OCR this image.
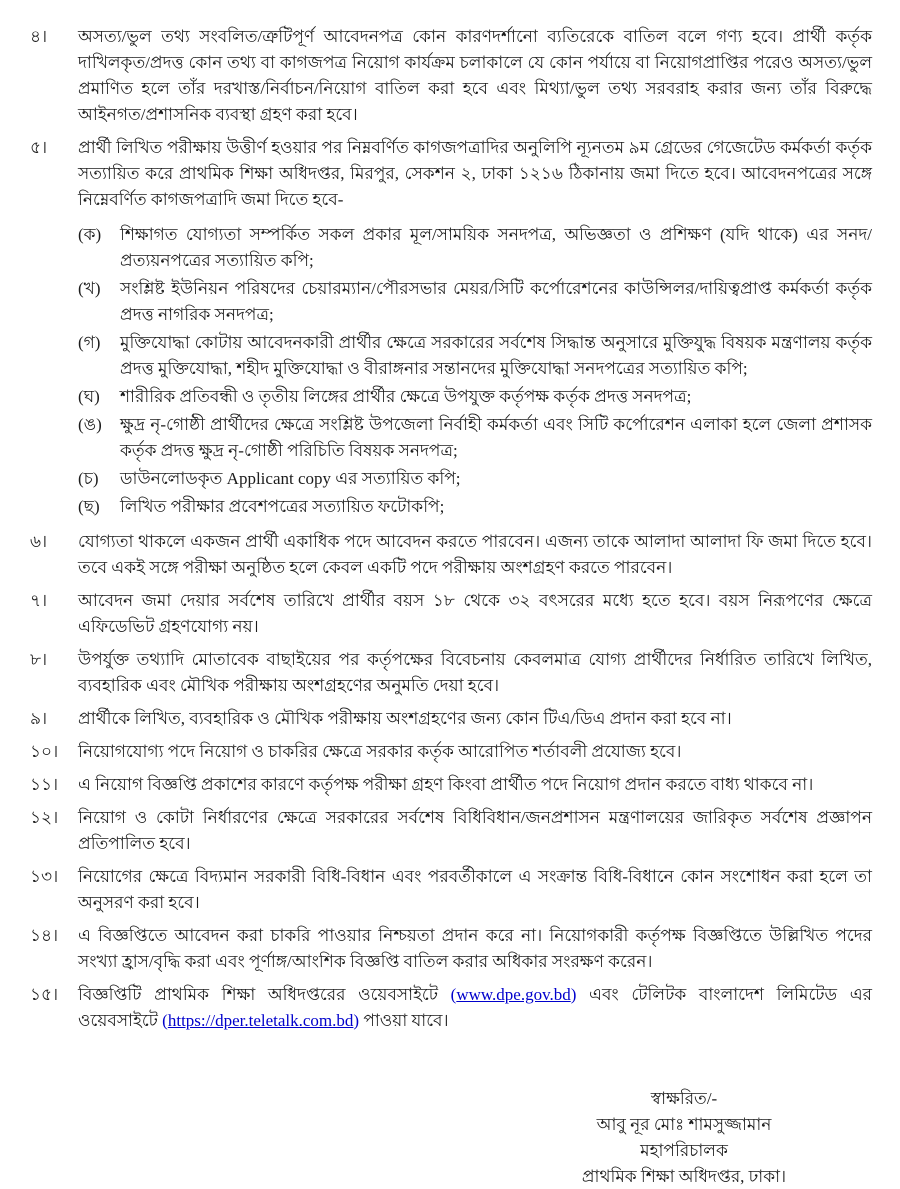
৪।	অসত্য/ভুল তথ্য সংবলিত/ত্রুটিপূর্ণ আবেদনপত্র কোন কারণদর্শানো ব্যতিরেকে বাতিল বলে গণ্য হবে। প্রার্থী কর্তৃক দাখিলকৃত/প্রদত্ত কোন তথ্য বা কাগজপত্র নিয়োগ কার্যক্রম চলাকালে যে কোন পর্যায়ে বা নিয়োগপ্রাপ্তির পরেও অসত্য/ভুল প্রমাণিত হলে তাঁর দরখাস্ত/নির্বাচন/নিয়োগ বাতিল করা হবে এবং মিথ্যা/ভুল তথ্য সরবরাহ করার জন্য তাঁর বিরুদ্ধে আইনগত/প্রশাসনিক ব্যবস্থা গ্রহণ করা হবে।
৫।	প্রার্থী লিখিত পরীক্ষায় উত্তীর্ণ হওয়ার পর নিম্নবর্ণিত কাগজপত্রাদির অনুলিপি ন্যূনতম ৯ম গ্রেডের গেজেটেড কর্মকর্তা কর্তৃক সত্যায়িত করে প্রাথমিক শিক্ষা অধিদপ্তর, মিরপুর, সেকশন ২, ঢাকা ১২১৬ ঠিকানায় জমা দিতে হবে। আবেদনপত্রের সঙ্গে নিম্নেবর্ণিত কাগজপত্রাদি জমা দিতে হবে-
(ক)	শিক্ষাগত যোগ্যতা সম্পর্কিত সকল প্রকার মূল/সাময়িক সনদপত্র, অভিজ্ঞতা ও প্রশিক্ষণ (যদি থাকে) এর সনদ/প্রত্যয়নপত্রের সত্যায়িত কপি;
(খ)	সংশ্লিষ্ট ইউনিয়ন পরিষদের চেয়ারম্যান/পৌরসভার মেয়র/সিটি কর্পোরেশনের কাউন্সিলর/দায়িত্বপ্রাপ্ত কর্মকর্তা কর্তৃক প্রদত্ত নাগরিক সনদপত্র;
(গ)	মুক্তিযোদ্ধা কোটায় আবেদনকারী প্রার্থীর ক্ষেত্রে সরকারের সর্বশেষ সিদ্ধান্ত অনুসারে মুক্তিযুদ্ধ বিষয়ক মন্ত্রণালয় কর্তৃক প্রদত্ত মুক্তিযোদ্ধা, শহীদ মুক্তিযোদ্ধা ও বীরাঙ্গনার সন্তানদের মুক্তিযোদ্ধা সনদপত্রের সত্যায়িত কপি;
(ঘ)	শারীরিক প্রতিবন্ধী ও তৃতীয় লিঙ্গের প্রার্থীর ক্ষেত্রে উপযুক্ত কর্তৃপক্ষ কর্তৃক প্রদত্ত সনদপত্র;
(ঙ)	ক্ষুদ্র নৃ-গোষ্ঠী প্রার্থীদের ক্ষেত্রে সংশ্লিষ্ট উপজেলা নির্বাহী কর্মকর্তা এবং সিটি কর্পোরেশন এলাকা হলে জেলা প্রশাসক কর্তৃক প্রদত্ত ক্ষুদ্র নৃ-গোষ্ঠী পরিচিতি বিষয়ক সনদপত্র;
(চ)	ডাউনলোডকৃত Applicant copy এর সত্যায়িত কপি;
(ছ)	লিখিত পরীক্ষার প্রবেশপত্রের সত্যায়িত ফটোকপি;
৬।	যোগ্যতা থাকলে একজন প্রার্থী একাধিক পদে আবেদন করতে পারবেন। এজন্য তাকে আলাদা আলাদা ফি জমা দিতে হবে। তবে একই সঙ্গে পরীক্ষা অনুষ্ঠিত হলে কেবল একটি পদে পরীক্ষায় অংশগ্রহণ করতে পারবেন।
৭।	আবেদন জমা দেয়ার সর্বশেষ তারিখে প্রার্থীর বয়স ১৮ থেকে ৩২ বৎসরের মধ্যে হতে হবে। বয়স নিরূপণের ক্ষেত্রে এফিডেভিট গ্রহণযোগ্য নয়।
৮।	উপর্যুক্ত তথ্যাদি মোতাবেক বাছাইয়ের পর কর্তৃপক্ষের বিবেচনায় কেবলমাত্র যোগ্য প্রার্থীদের নির্ধারিত তারিখে লিখিত, ব্যবহারিক এবং মৌখিক পরীক্ষায় অংশগ্রহণের অনুমতি দেয়া হবে।
৯।	প্রার্থীকে লিখিত, ব্যবহারিক ও মৌখিক পরীক্ষায় অংশগ্রহণের জন্য কোন টিএ/ডিএ প্রদান করা হবে না।
১০।	নিয়োগযোগ্য পদে নিয়োগ ও চাকরির ক্ষেত্রে সরকার কর্তৃক আরোপিত শর্তাবলী প্রযোজ্য হবে।
১১।	এ নিয়োগ বিজ্ঞপ্তি প্রকাশের কারণে কর্তৃপক্ষ পরীক্ষা গ্রহণ কিংবা প্রার্থীত পদে নিয়োগ প্রদান করতে বাধ্য থাকবে না।
১২।	নিয়োগ ও কোটা নির্ধারণের ক্ষেত্রে সরকারের সর্বশেষ বিধিবিধান/জনপ্রশাসন মন্ত্রণালয়ের জারিকৃত সর্বশেষ প্রজ্ঞাপন প্রতিপালিত হবে।
১৩।	নিয়োগের ক্ষেত্রে বিদ্যমান সরকারী বিধি-বিধান এবং পরবর্তীকালে এ সংক্রান্ত বিধি-বিধানে কোন সংশোধন করা হলে তা অনুসরণ করা হবে।
১৪।	এ বিজ্ঞপ্তিতে আবেদন করা চাকরি পাওয়ার নিশ্চয়তা প্রদান করে না। নিয়োগকারী কর্তৃপক্ষ বিজ্ঞপ্তিতে উল্লিখিত পদের সংখ্যা হ্রাস/বৃদ্ধি করা এবং পূর্ণাঙ্গ/আংশিক বিজ্ঞপ্তি বাতিল করার অধিকার সংরক্ষণ করেন।
১৫।	বিজ্ঞপ্তিটি প্রাথমিক শিক্ষা অধিদপ্তরের ওয়েবসাইটে (www.dpe.gov.bd) এবং টেলিটক বাংলাদেশ লিমিটেড এর ওয়েবসাইটে (https://dper.teletalk.com.bd) পাওয়া যাবে।
স্বাক্ষরিত/-
আবু নূর মোঃ শামসুজ্জামান
মহাপরিচালক
প্রাথমিক শিক্ষা অধিদপ্তর, ঢাকা।
